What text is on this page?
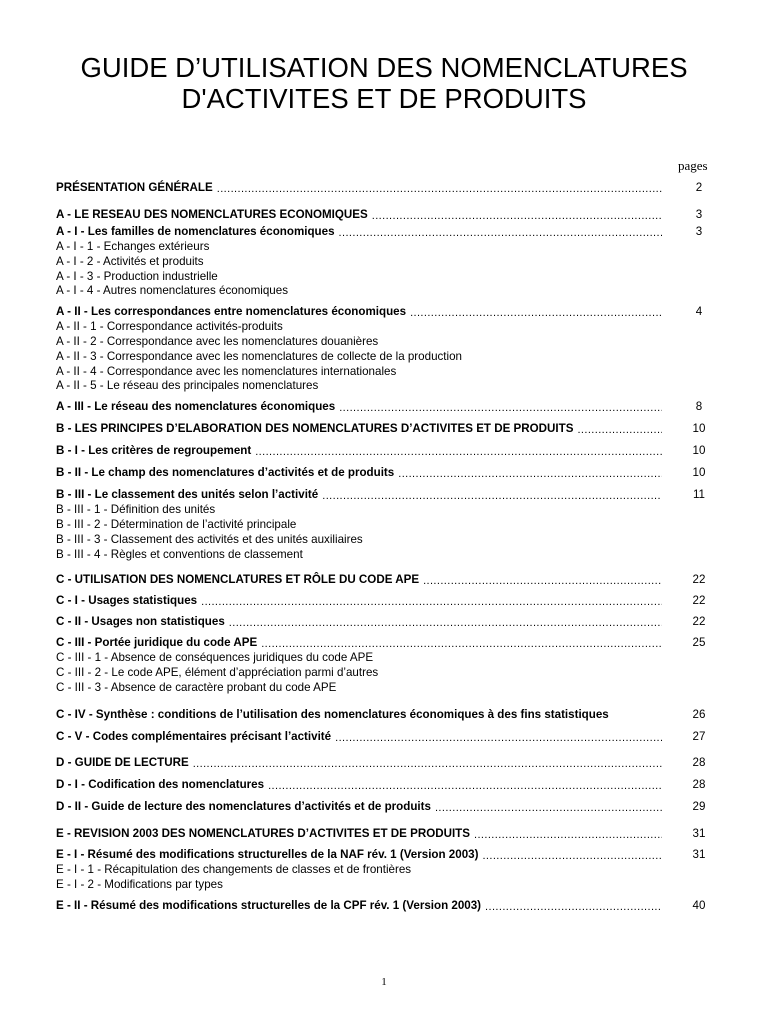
GUIDE D’UTILISATION DES NOMENCLATURES
D'ACTIVITES ET DE PRODUITS
pages
PRÉSENTATION GÉNÉRALE .....	2
A - LE RESEAU DES NOMENCLATURES ECONOMIQUES .....	3
A - I - Les familles de nomenclatures économiques .....	3
A - I - 1 - Echanges extérieurs
A - I - 2 - Activités et produits
A - I - 3 - Production industrielle
A - I - 4 - Autres nomenclatures économiques
A - II - Les correspondances entre nomenclatures économiques .....	4
A - II - 1 - Correspondance activités-produits
A - II - 2 - Correspondance avec les nomenclatures douanières
A - II - 3 - Correspondance avec les nomenclatures de collecte de la production
A - II - 4 - Correspondance avec les nomenclatures internationales
A - II - 5 - Le réseau des principales nomenclatures
A - III - Le réseau des nomenclatures économiques .....	8
B - LES PRINCIPES D’ELABORATION DES NOMENCLATURES D’ACTIVITES ET DE PRODUITS .....	10
B - I - Les critères de regroupement .....	10
B - II - Le champ des nomenclatures d’activités et de produits .....	10
B - III - Le classement des unités selon l’activité .....	11
B - III - 1 - Définition des unités
B - III - 2 - Détermination de l’activité principale
B - III - 3 - Classement des activités et des unités auxiliaires
B - III - 4 - Règles et conventions de classement
C - UTILISATION DES NOMENCLATURES ET RÔLE DU CODE APE .....	22
C - I - Usages statistiques .....	22
C - II - Usages non statistiques .....	22
C - III - Portée juridique du code APE .....	25
C - III - 1 - Absence de conséquences juridiques du code APE
C - III - 2 - Le code APE, élément d’appréciation parmi d’autres
C - III - 3 - Absence de caractère probant du code APE
C - IV - Synthèse : conditions de l’utilisation des nomenclatures économiques à des fins statistiques	26
C - V - Codes complémentaires précisant l’activité .....	27
D - GUIDE DE LECTURE .....	28
D - I - Codification des nomenclatures .....	28
D - II - Guide de lecture des nomenclatures d’activités et de produits .....	29
E - REVISION 2003 DES NOMENCLATURES D’ACTIVITES ET DE PRODUITS .....	31
E - I - Résumé des modifications structurelles de la NAF rév. 1 (Version 2003) .....	31
E - I - 1 - Récapitulation des changements de classes et de frontières
E - I - 2 - Modifications par types
E - II - Résumé des modifications structurelles de la CPF rév. 1 (Version 2003) .....	40
1
